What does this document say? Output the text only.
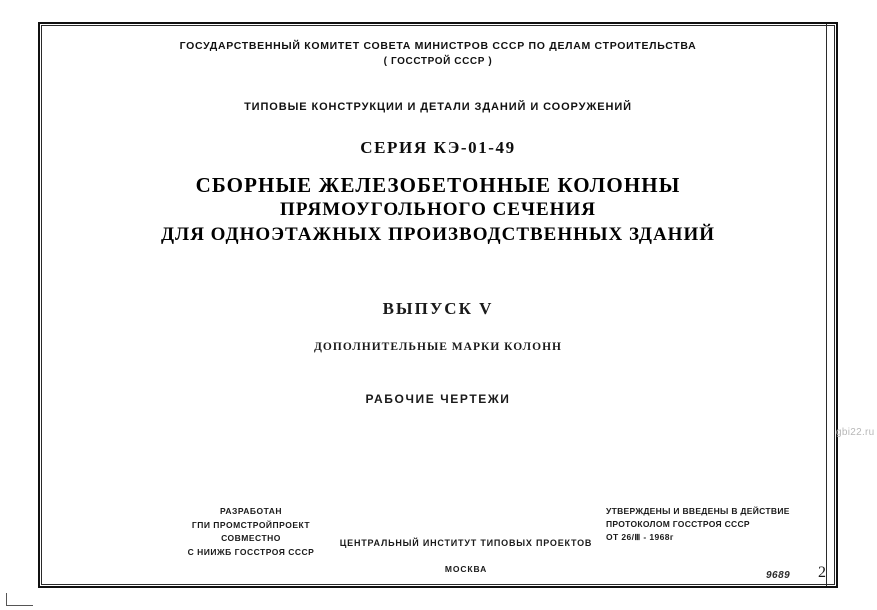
ГОСУДАРСТВЕННЫЙ КОМИТЕТ СОВЕТА МИНИСТРОВ СССР ПО ДЕЛАМ СТРОИТЕЛЬСТВА
( ГОССТРОЙ СССР )
ТИПОВЫЕ КОНСТРУКЦИИ И ДЕТАЛИ ЗДАНИЙ И СООРУЖЕНИЙ
СЕРИЯ КЭ-01-49
СБОРНЫЕ ЖЕЛЕЗОБЕТОННЫЕ КОЛОННЫ
ПРЯМОУГОЛЬНОГО СЕЧЕНИЯ
ДЛЯ ОДНОЭТАЖНЫХ ПРОИЗВОДСТВЕННЫХ ЗДАНИЙ
ВЫПУСК V
ДОПОЛНИТЕЛЬНЫЕ МАРКИ КОЛОНН
РАБОЧИЕ ЧЕРТЕЖИ
РАЗРАБОТАН
ГПИ ПРОМСТРОЙПРОЕКТ
СОВМЕСТНО
С НИИЖБ ГОССТРОЯ СССР
ЦЕНТРАЛЬНЫЙ ИНСТИТУТ ТИПОВЫХ ПРОЕКТОВ
МОСКВА
УТВЕРЖДЕНЫ И ВВЕДЕНЫ В ДЕЙСТВИЕ
ПРОТОКОЛОМ ГОССТРОЯ СССР
ОТ 26/Ⅲ - 1968г
gbi22.ru
9689 2
